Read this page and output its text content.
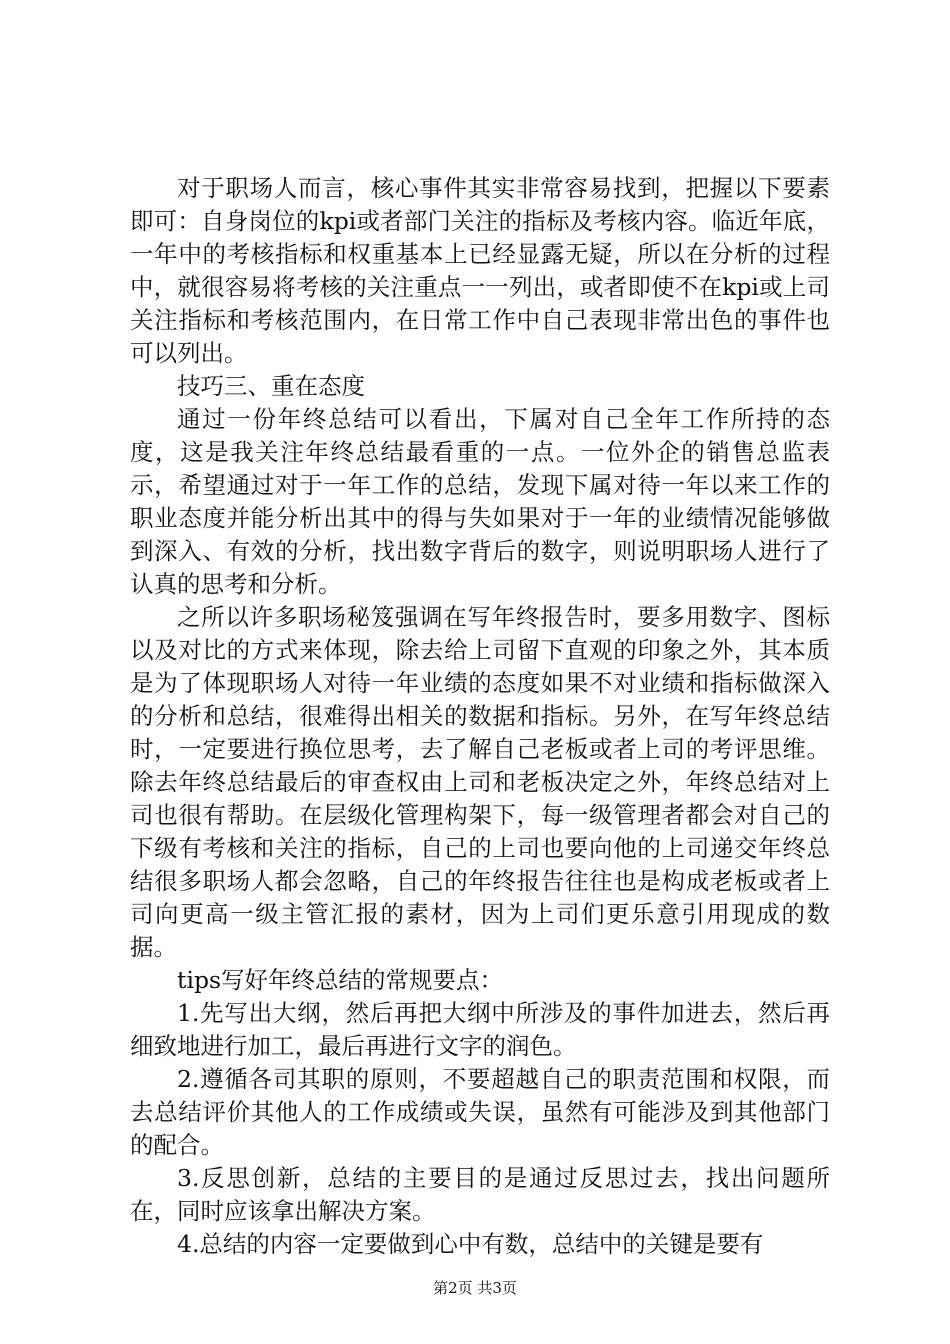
对于职场人而言，核心事件其实非常容易找到，把握以下要素即可：自身岗位的kpi或者部门关注的指标及考核内容。临近年底，一年中的考核指标和权重基本上已经显露无疑，所以在分析的过程中，就很容易将考核的关注重点一一列出，或者即使不在kpi或上司关注指标和考核范围内，在日常工作中自己表现非常出色的事件也可以列出。

技巧三、重在态度

通过一份年终总结可以看出，下属对自己全年工作所持的态度，这是我关注年终总结最看重的一点。一位外企的销售总监表示，希望通过对于一年工作的总结，发现下属对待一年以来工作的职业态度并能分析出其中的得与失如果对于一年的业绩情况能够做到深入、有效的分析，找出数字背后的数字，则说明职场人进行了认真的思考和分析。

之所以许多职场秘笈强调在写年终报告时，要多用数字、图标以及对比的方式来体现，除去给上司留下直观的印象之外，其本质是为了体现职场人对待一年业绩的态度如果不对业绩和指标做深入的分析和总结，很难得出相关的数据和指标。另外，在写年终总结时，一定要进行换位思考，去了解自己老板或者上司的考评思维。除去年终总结最后的审查权由上司和老板决定之外，年终总结对上司也很有帮助。在层级化管理构架下，每一级管理者都会对自己的下级有考核和关注的指标，自己的上司也要向他的上司递交年终总结很多职场人都会忽略，自己的年终报告往往也是构成老板或者上司向更高一级主管汇报的素材，因为上司们更乐意引用现成的数据。

tips写好年终总结的常规要点：

1.先写出大纲，然后再把大纲中所涉及的事件加进去，然后再细致地进行加工，最后再进行文字的润色。

2.遵循各司其职的原则，不要超越自己的职责范围和权限，而去总结评价其他人的工作成绩或失误，虽然有可能涉及到其他部门的配合。

3.反思创新，总结的主要目的是通过反思过去，找出问题所在，同时应该拿出解决方案。

4.总结的内容一定要做到心中有数，总结中的关键是要有

第2页 共3页
